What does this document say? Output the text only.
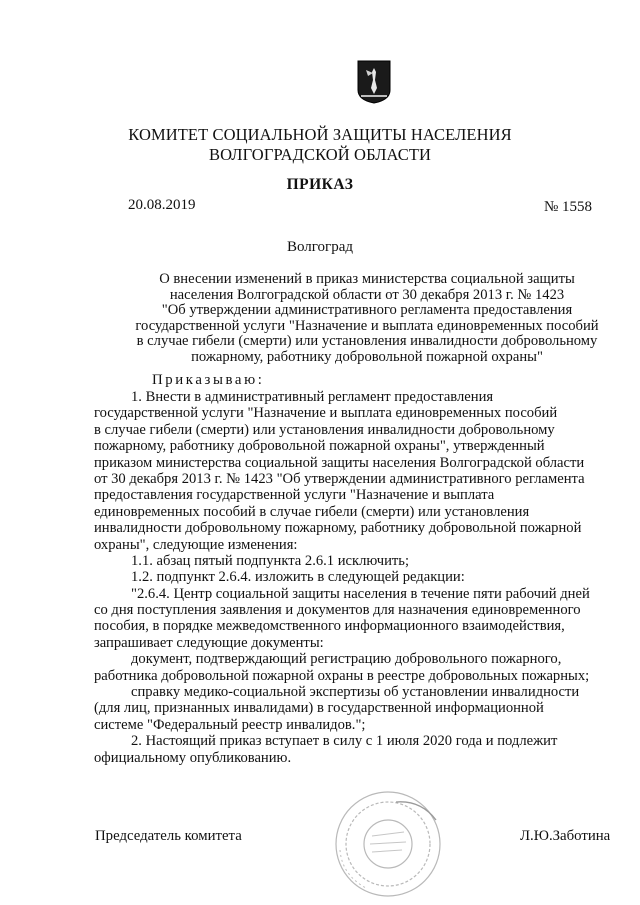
КОМИТЕТ СОЦИАЛЬНОЙ ЗАЩИТЫ НАСЕЛЕНИЯ
ВОЛГОГРАДСКОЙ ОБЛАСТИ
ПРИКАЗ
20.08.2019	№ 1558
Волгоград
О внесении изменений в приказ министерства социальной защиты
населения Волгоградской области от 30 декабря 2013 г. № 1423
"Об утверждении административного регламента предоставления
государственной услуги "Назначение и выплата единовременных пособий
в случае гибели (смерти) или установления инвалидности добровольному
пожарному, работнику добровольной пожарной охраны"
Приказываю:
1. Внести в административный регламент предоставления
государственной услуги "Назначение и выплата единовременных пособий
в случае гибели (смерти) или установления инвалидности добровольному
пожарному, работнику добровольной пожарной охраны", утвержденный
приказом министерства социальной защиты населения Волгоградской области
от 30 декабря 2013 г. № 1423 "Об утверждении административного регламента
предоставления государственной услуги "Назначение и выплата
единовременных пособий в случае гибели (смерти) или установления
инвалидности добровольному пожарному, работнику добровольной пожарной
охраны", следующие изменения:
1.1. абзац пятый подпункта 2.6.1 исключить;
1.2. подпункт 2.6.4. изложить в следующей редакции:
"2.6.4. Центр социальной защиты населения в течение пяти рабочий дней
со дня поступления заявления и документов для назначения единовременного
пособия, в порядке межведомственного информационного взаимодействия,
запрашивает следующие документы:
документ, подтверждающий регистрацию добровольного пожарного,
работника добровольной пожарной охраны в реестре добровольных пожарных;
справку медико-социальной экспертизы об установлении инвалидности
(для лиц, признанных инвалидами) в государственной информационной
системе "Федеральный реестр инвалидов.";
2. Настоящий приказ вступает в силу с 1 июля 2020 года и подлежит
официальному опубликованию.
Председатель комитета	Л.Ю.Заботина
